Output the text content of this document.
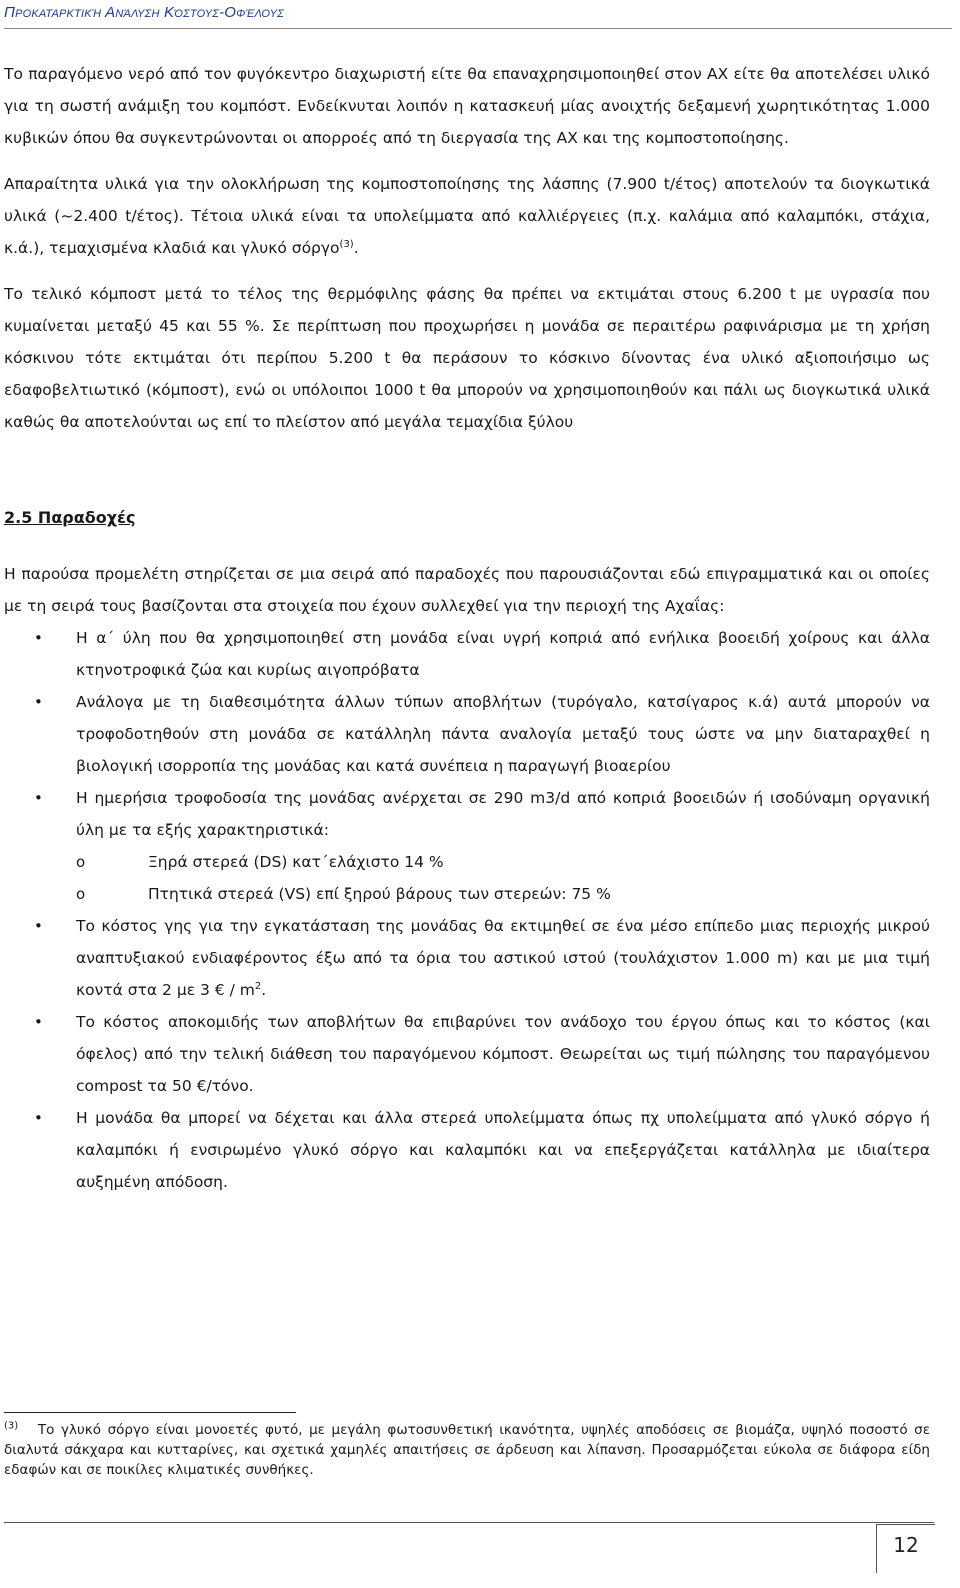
Προκαταρκτική Ανάλυση Κόστους-Οφέλους

Το παραγόμενο νερό από τον φυγόκεντρο διαχωριστή είτε θα επαναχρησιμοποιηθεί στον ΑΧ είτε θα αποτελέσει υλικό για τη σωστή ανάμιξη του κομπόστ. Ενδείκνυται λοιπόν η κατασκευή μίας ανοιχτής δεξαμενή χωρητικότητας 1.000 κυβικών όπου θα συγκεντρώνονται οι απορροές από τη διεργασία της ΑΧ και της κομποστοποίησης.

Απαραίτητα υλικά για την ολοκλήρωση της κομποστοποίησης της λάσπης (7.900 t/έτος) αποτελούν τα διογκωτικά υλικά (~2.400 t/έτος). Τέτοια υλικά είναι τα υπολείμματα από καλλιέργειες (π.χ. καλάμια από καλαμπόκι, στάχια, κ.ά.), τεμαχισμένα κλαδιά και γλυκό σόργο$^{(3)}$.

Το τελικό κόμποστ μετά το τέλος της θερμόφιλης φάσης θα πρέπει να εκτιμάται στους 6.200 t με υγρασία που κυμαίνεται μεταξύ 45 και 55 %. Σε περίπτωση που προχωρήσει η μονάδα σε περαιτέρω ραφινάρισμα με τη χρήση κόσκινου τότε εκτιμάται ότι περίπου 5.200 t θα περάσουν το κόσκινο δίνοντας ένα υλικό αξιοποιήσιμο ως εδαφοβελτιωτικό (κόμποστ), ενώ οι υπόλοιποι 1000 t θα μπορούν να χρησιμοποιηθούν και πάλι ως διογκωτικά υλικά καθώς θα αποτελούνται ως επί το πλείστον από μεγάλα τεμαχίδια ξύλου

2.5 Παραδοχές

Η παρούσα προμελέτη στηρίζεται σε μια σειρά από παραδοχές που παρουσιάζονται εδώ επιγραμματικά και οι οποίες με τη σειρά τους βασίζονται στα στοιχεία που έχουν συλλεχθεί για την περιοχή της Αχαΐας:

• Η α΄ ύλη που θα χρησιμοποιηθεί στη μονάδα είναι υγρή κοπριά από ενήλικα βοοειδή χοίρους και άλλα κτηνοτροφικά ζώα και κυρίως αιγοπρόβατα
• Ανάλογα με τη διαθεσιμότητα άλλων τύπων αποβλήτων (τυρόγαλο, κατσίγαρος κ.ά) αυτά μπορούν να τροφοδοτηθούν στη μονάδα σε κατάλληλη πάντα αναλογία μεταξύ τους ώστε να μην διαταραχθεί η βιολογική ισορροπία της μονάδας και κατά συνέπεια η παραγωγή βιοαερίου
• Η ημερήσια τροφοδοσία της μονάδας ανέρχεται σε 290 m3/d από κοπριά βοοειδών ή ισοδύναμη οργανική ύλη με τα εξής χαρακτηριστικά:
o Ξηρά στερεά (DS) κατ΄ελάχιστο 14 %
o Πτητικά στερεά (VS) επί ξηρού βάρους των στερεών: 75 %
• Το κόστος γης για την εγκατάσταση της μονάδας θα εκτιμηθεί σε ένα μέσο επίπεδο μιας περιοχής μικρού αναπτυξιακού ενδιαφέροντος έξω από τα όρια του αστικού ιστού (τουλάχιστον 1.000 m) και με μια τιμή κοντά στα 2 με 3 € / m$^2$.
• Το κόστος αποκομιδής των αποβλήτων θα επιβαρύνει τον ανάδοχο του έργου όπως και το κόστος (και όφελος) από την τελική διάθεση του παραγόμενου κόμποστ. Θεωρείται ως τιμή πώλησης του παραγόμενου compost τα 50 €/τόνο.
• Η μονάδα θα μπορεί να δέχεται και άλλα στερεά υπολείμματα όπως πχ υπολείμματα από γλυκό σόργο ή καλαμπόκι ή ενσιρωμένο γλυκό σόργο και καλαμπόκι και να επεξεργάζεται κατάλληλα με ιδιαίτερα αυξημένη απόδοση.
$^{(3)}$ Το γλυκό σόργο είναι μονοετές φυτό, με μεγάλη φωτοσυνθετική ικανότητα, υψηλές αποδόσεις σε βιομάζα, υψηλό ποσοστό σε διαλυτά σάκχαρα και κυτταρίνες, και σχετικά χαμηλές απαιτήσεις σε άρδευση και λίπανση. Προσαρμόζεται εύκολα σε διάφορα είδη εδαφών και σε ποικίλες κλιματικές συνθήκες.
12
